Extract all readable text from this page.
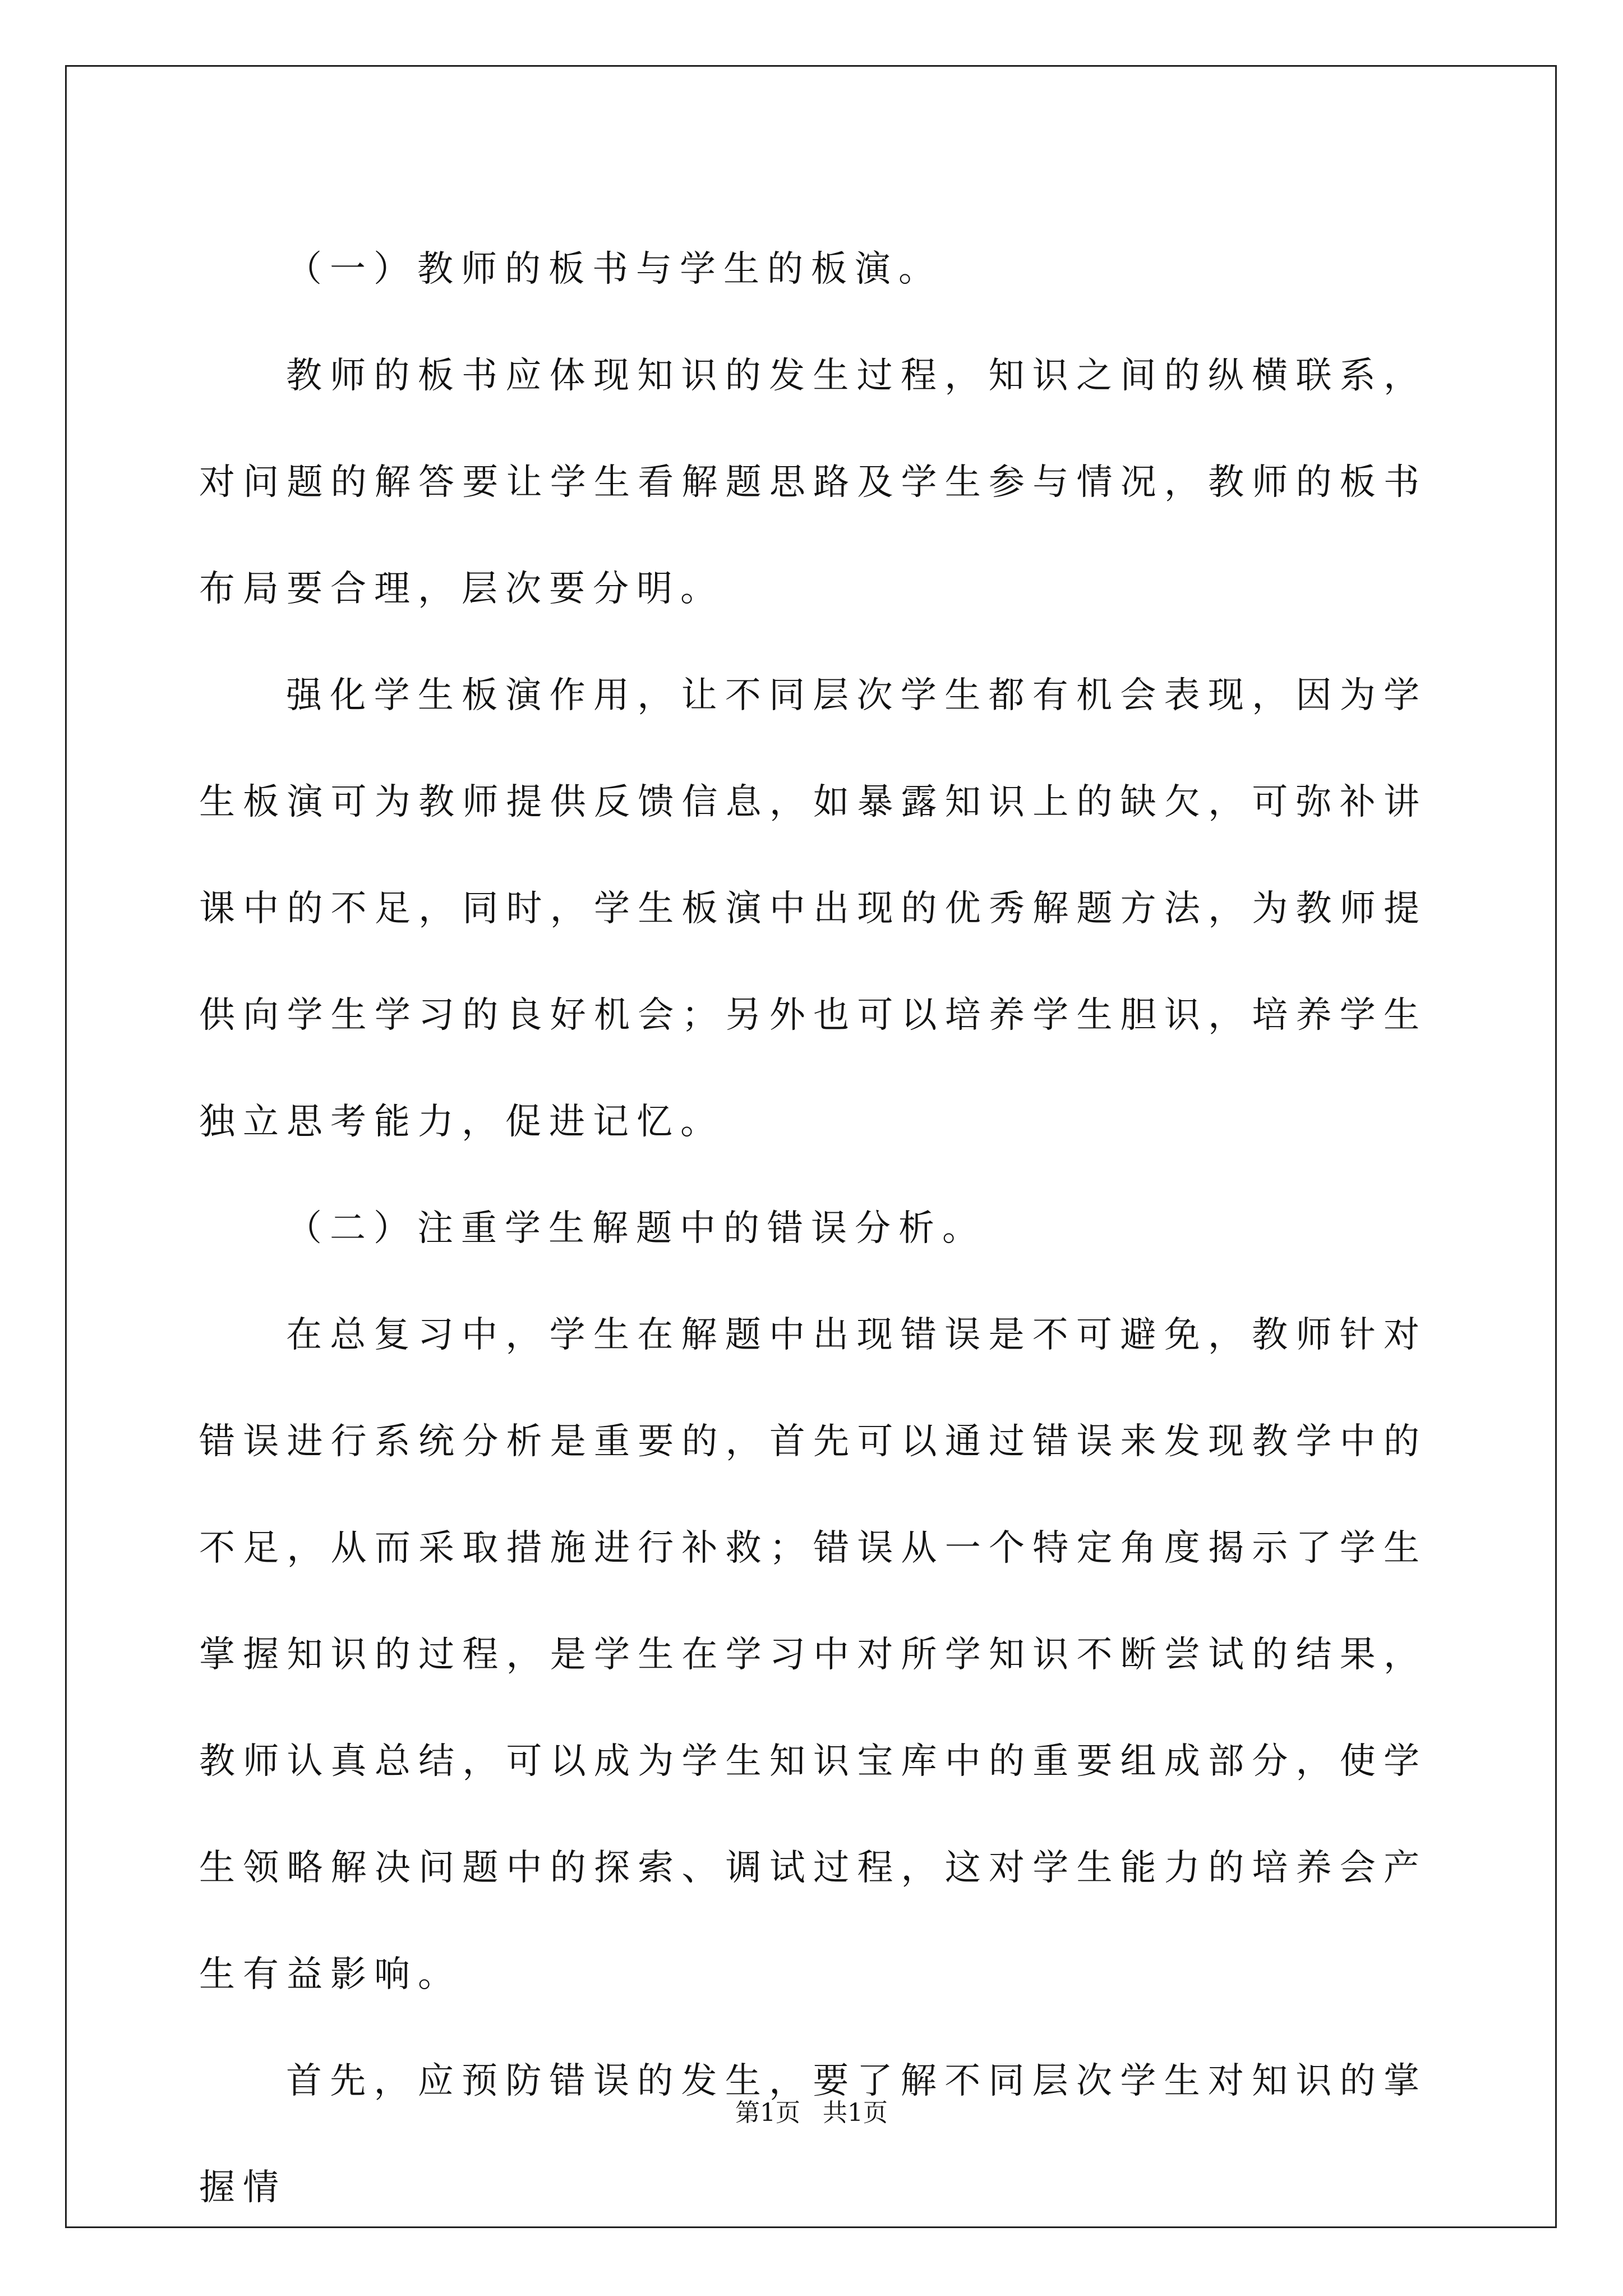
（一）教师的板书与学生的板演。

教师的板书应体现知识的发生过程，知识之间的纵横联系，对问题的解答要让学生看解题思路及学生参与情况，教师的板书布局要合理，层次要分明。

强化学生板演作用，让不同层次学生都有机会表现，因为学生板演可为教师提供反馈信息，如暴露知识上的缺欠，可弥补讲课中的不足，同时，学生板演中出现的优秀解题方法，为教师提供向学生学习的良好机会；另外也可以培养学生胆识，培养学生独立思考能力，促进记忆。

（二）注重学生解题中的错误分析。

在总复习中，学生在解题中出现错误是不可避免，教师针对错误进行系统分析是重要的，首先可以通过错误来发现教学中的不足，从而采取措施进行补救；错误从一个特定角度揭示了学生掌握知识的过程，是学生在学习中对所学知识不断尝试的结果，教师认真总结，可以成为学生知识宝库中的重要组成部分，使学生领略解决问题中的探索、调试过程，这对学生能力的培养会产生有益影响。

首先，应预防错误的发生，要了解不同层次学生对知识的掌握情

第1页 共1页
